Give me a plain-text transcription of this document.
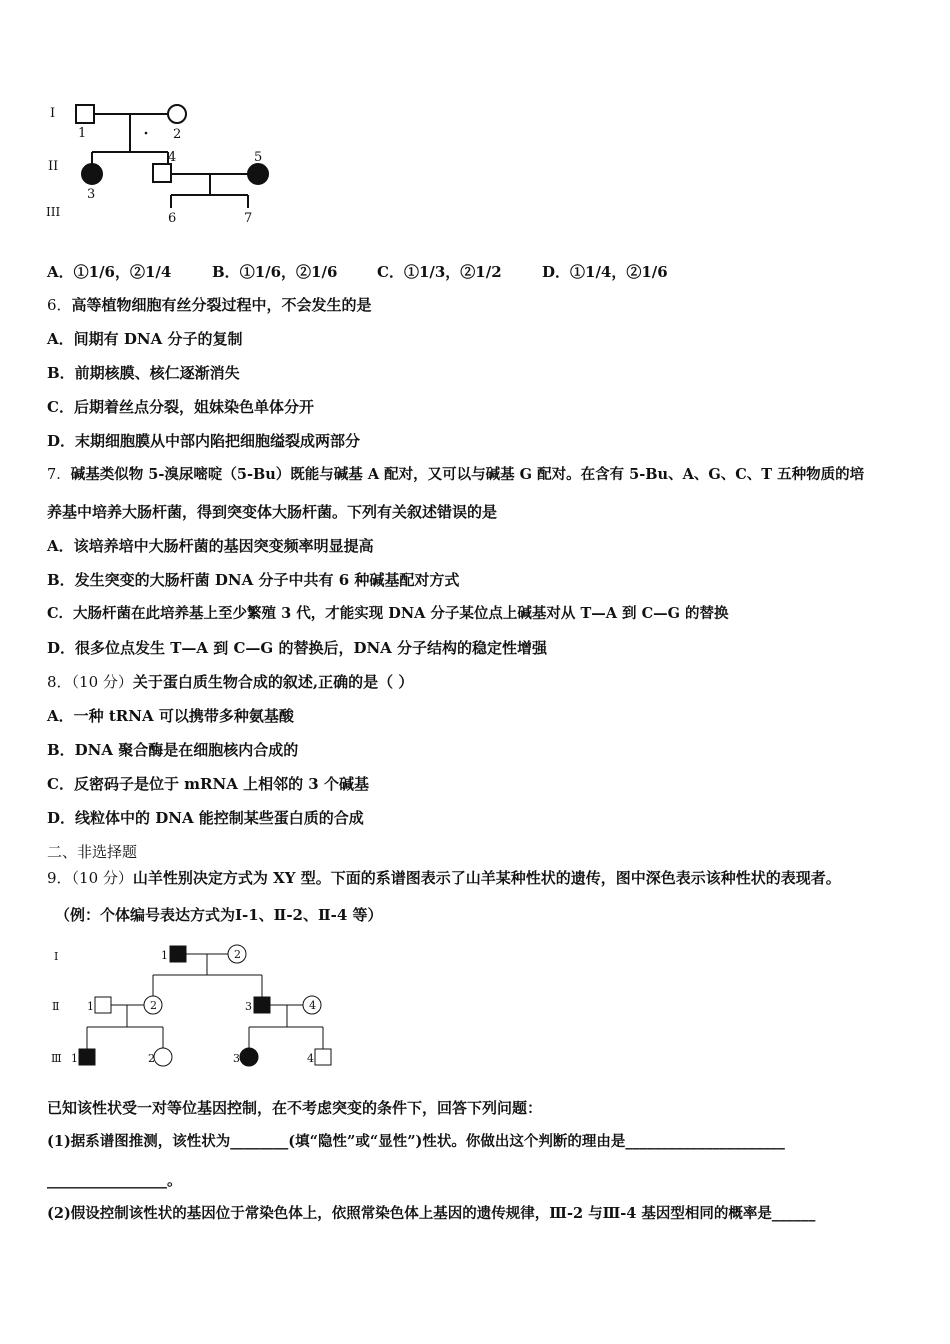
I
II
III
1	2
3
4	5
6	7
A．①1/6，②1/4	B．①1/6，②1/6	C．①1/3，②1/2	D．①1/4，②1/6
6．高等植物细胞有丝分裂过程中，不会发生的是
A．间期有 DNA 分子的复制
B．前期核膜、核仁逐渐消失
C．后期着丝点分裂，姐妹染色单体分开
D．末期细胞膜从中部内陷把细胞缢裂成两部分
7．碱基类似物 5-溴尿嘧啶（5-Bu）既能与碱基 A 配对，又可以与碱基 G 配对。在含有 5-Bu、A、G、C、T 五种物质的培
养基中培养大肠杆菌，得到突变体大肠杆菌。下列有关叙述错误的是
A．该培养培中大肠杆菌的基因突变频率明显提高
B．发生突变的大肠杆菌 DNA 分子中共有 6 种碱基配对方式
C．大肠杆菌在此培养基上至少繁殖 3 代，才能实现 DNA 分子某位点上碱基对从 T—A 到 C—G 的替换
D．很多位点发生 T—A 到 C—G 的替换后，DNA 分子结构的稳定性增强
8．（10 分）关于蛋白质生物合成的叙述,正确的是（ ）
A．一种 tRNA 可以携带多种氨基酸
B．DNA 聚合酶是在细胞核内合成的
C．反密码子是位于 mRNA 上相邻的 3 个碱基
D．线粒体中的 DNA 能控制某些蛋白质的合成
二、非选择题
9．（10 分）山羊性别决定方式为 XY 型。下面的系谱图表示了山羊某种性状的遗传，图中深色表示该种性状的表现者。
（例：个体编号表达方式为Ⅰ-1、Ⅱ-2、Ⅱ-4 等）
Ⅰ
Ⅱ
Ⅲ
1	2
1	2	3	4
1	2	3	4
已知该性状受一对等位基因控制，在不考虑突变的条件下，回答下列问题：
(1)据系谱图推测，该性状为________(填“隐性”或“显性”)性状。你做出这个判断的理由是______________________
________________。
(2)假设控制该性状的基因位于常染色体上，依照常染色体上基因的遗传规律，Ⅲ-2 与Ⅲ-4 基因型相同的概率是______
